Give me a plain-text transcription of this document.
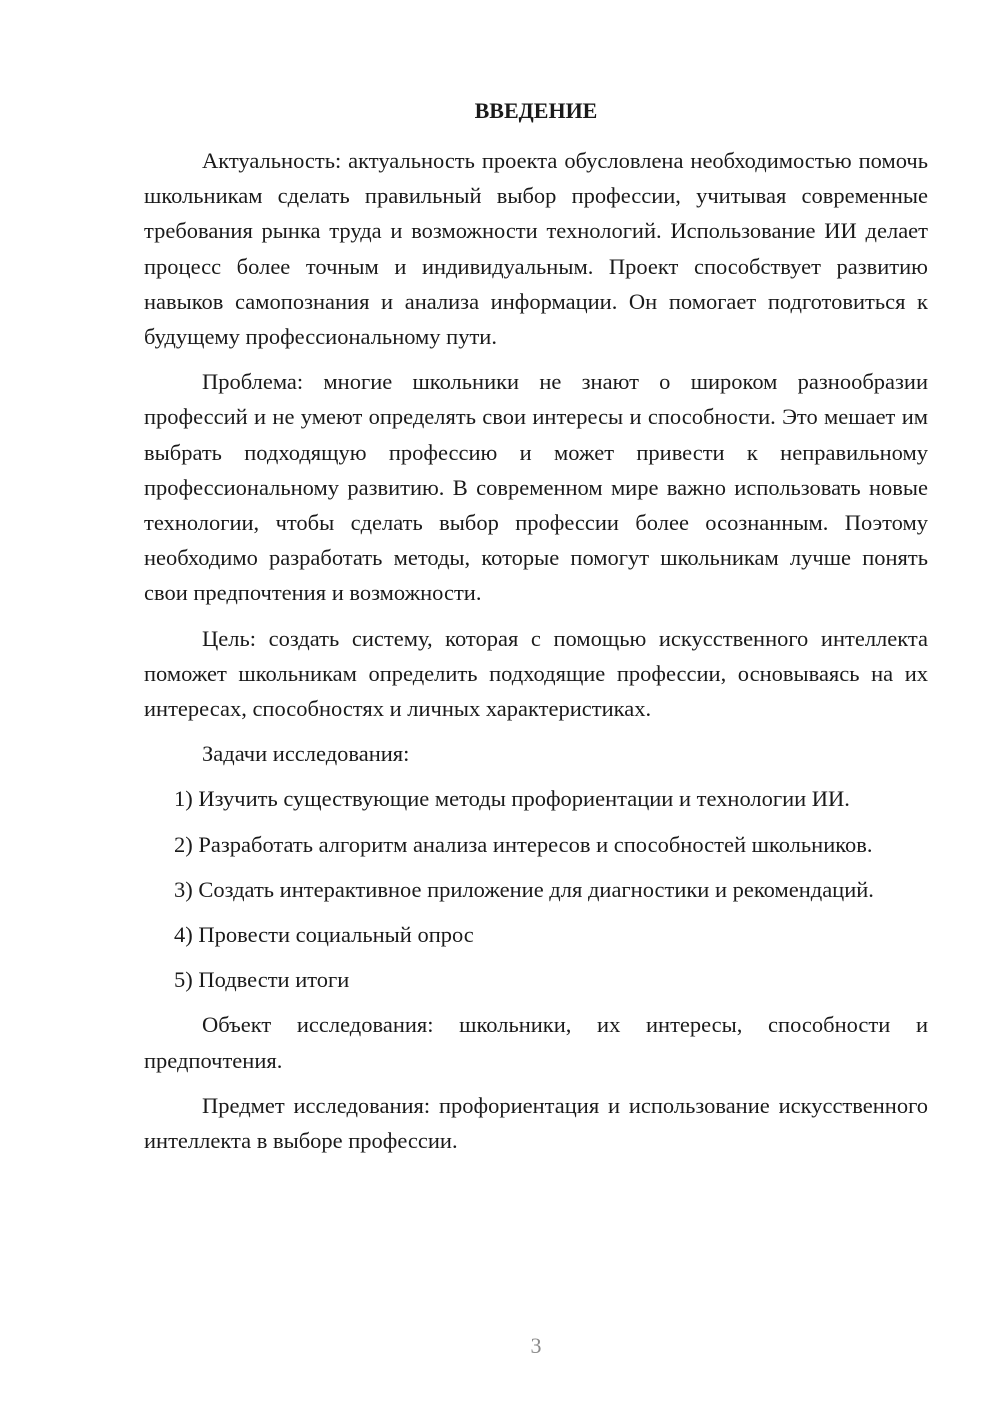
ВВЕДЕНИЕ

Актуальность: актуальность проекта обусловлена необходимостью помочь школьникам сделать правильный выбор профессии, учитывая современные требования рынка труда и возможности технологий. Использование ИИ делает процесс более точным и индивидуальным. Проект способствует развитию навыков самопознания и анализа информации. Он помогает подготовиться к будущему профессиональному пути.

Проблема: многие школьники не знают о широком разнообразии профессий и не умеют определять свои интересы и способности. Это мешает им выбрать подходящую профессию и может привести к неправильному профессиональному развитию. В современном мире важно использовать новые технологии, чтобы сделать выбор профессии более осознанным. Поэтому необходимо разработать методы, которые помогут школьникам лучше понять свои предпочтения и возможности.

Цель: создать систему, которая с помощью искусственного интеллекта поможет школьникам определить подходящие профессии, основываясь на их интересах, способностях и личных характеристиках.

Задачи исследования:

1) Изучить существующие методы профориентации и технологии ИИ.

2) Разработать алгоритм анализа интересов и способностей школьников.

3) Создать интерактивное приложение для диагностики и рекомендаций.

4) Провести социальный опрос

5) Подвести итоги

Объект исследования: школьники, их интересы, способности и предпочтения.

Предмет исследования: профориентация и использование искусственного интеллекта в выборе профессии.

3
